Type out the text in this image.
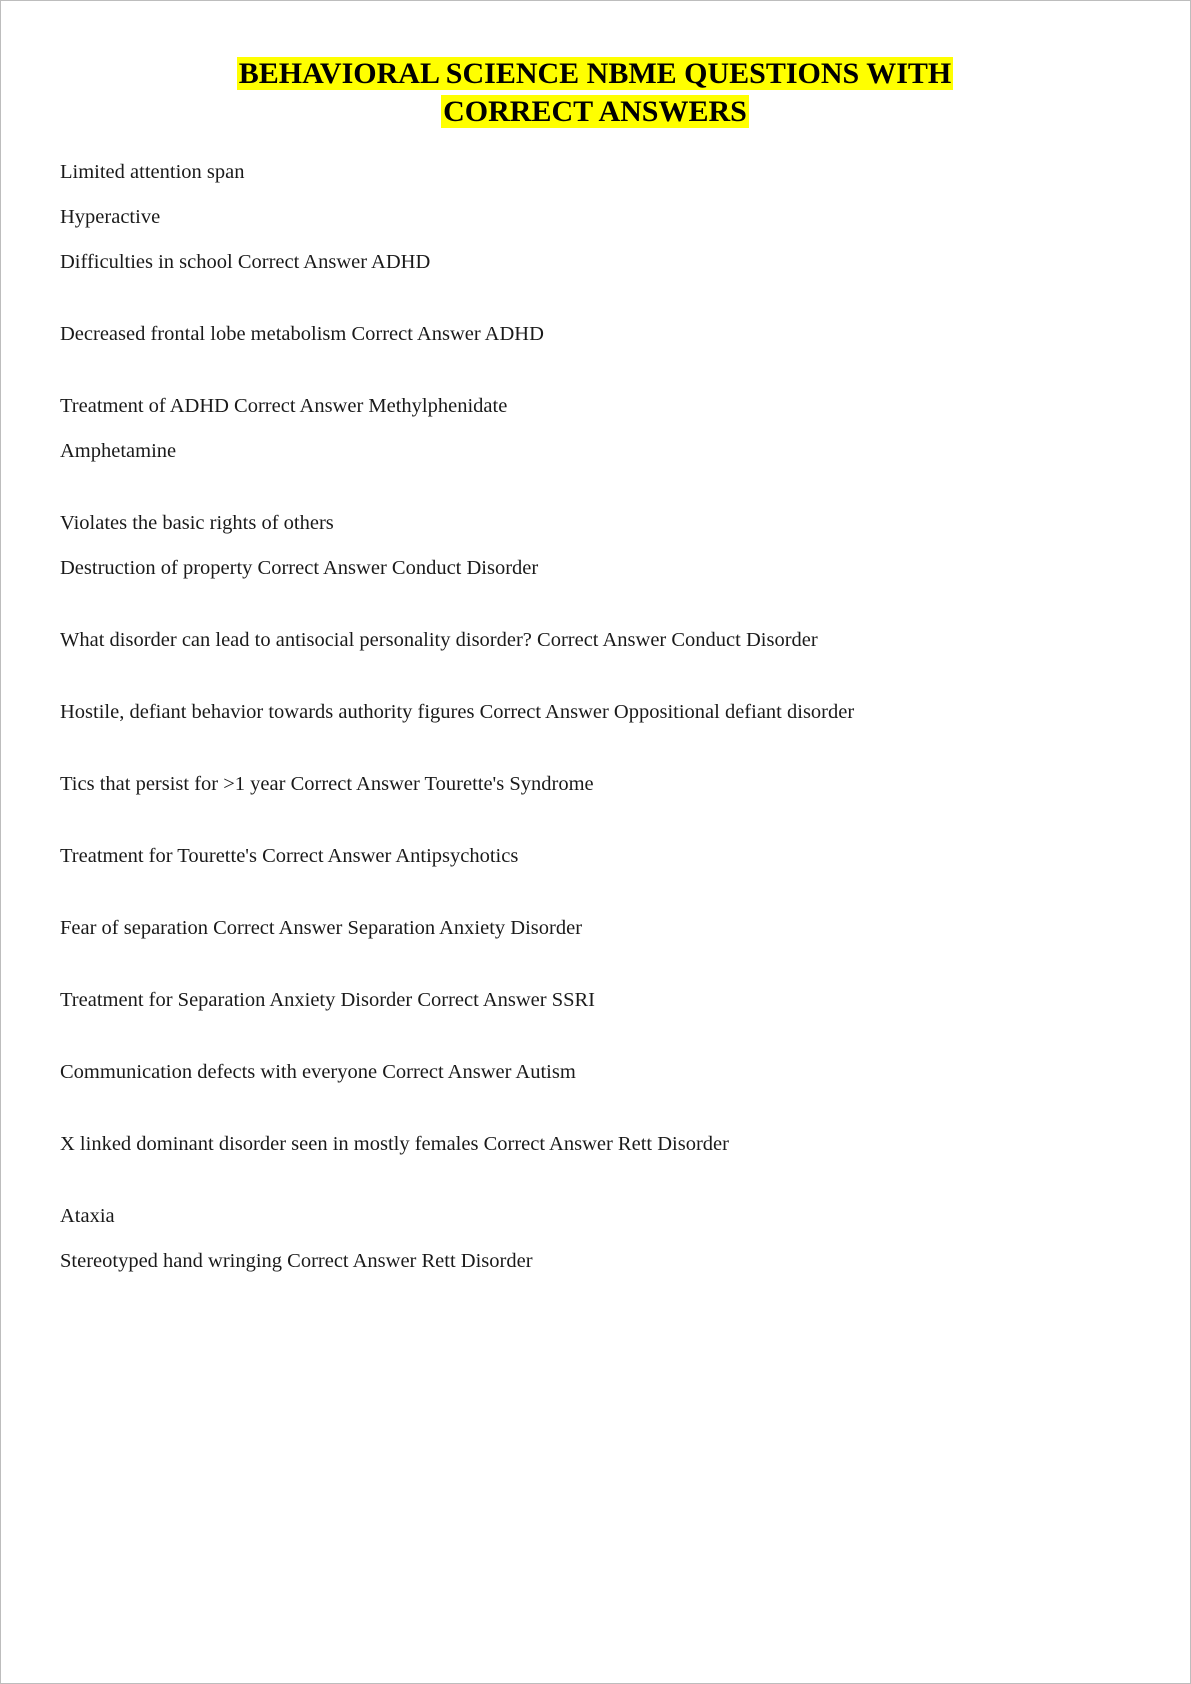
BEHAVIORAL SCIENCE NBME QUESTIONS WITH
CORRECT ANSWERS
Limited attention span
Hyperactive
Difficulties in school Correct Answer ADHD
Decreased frontal lobe metabolism Correct Answer ADHD
Treatment of ADHD Correct Answer Methylphenidate
Amphetamine
Violates the basic rights of others
Destruction of property Correct Answer Conduct Disorder
What disorder can lead to antisocial personality disorder? Correct Answer Conduct Disorder
Hostile, defiant behavior towards authority figures Correct Answer Oppositional defiant disorder
Tics that persist for >1 year Correct Answer Tourette's Syndrome
Treatment for Tourette's Correct Answer Antipsychotics
Fear of separation Correct Answer Separation Anxiety Disorder
Treatment for Separation Anxiety Disorder Correct Answer SSRI
Communication defects with everyone Correct Answer Autism
X linked dominant disorder seen in mostly females Correct Answer Rett Disorder
Ataxia
Stereotyped hand wringing Correct Answer Rett Disorder
